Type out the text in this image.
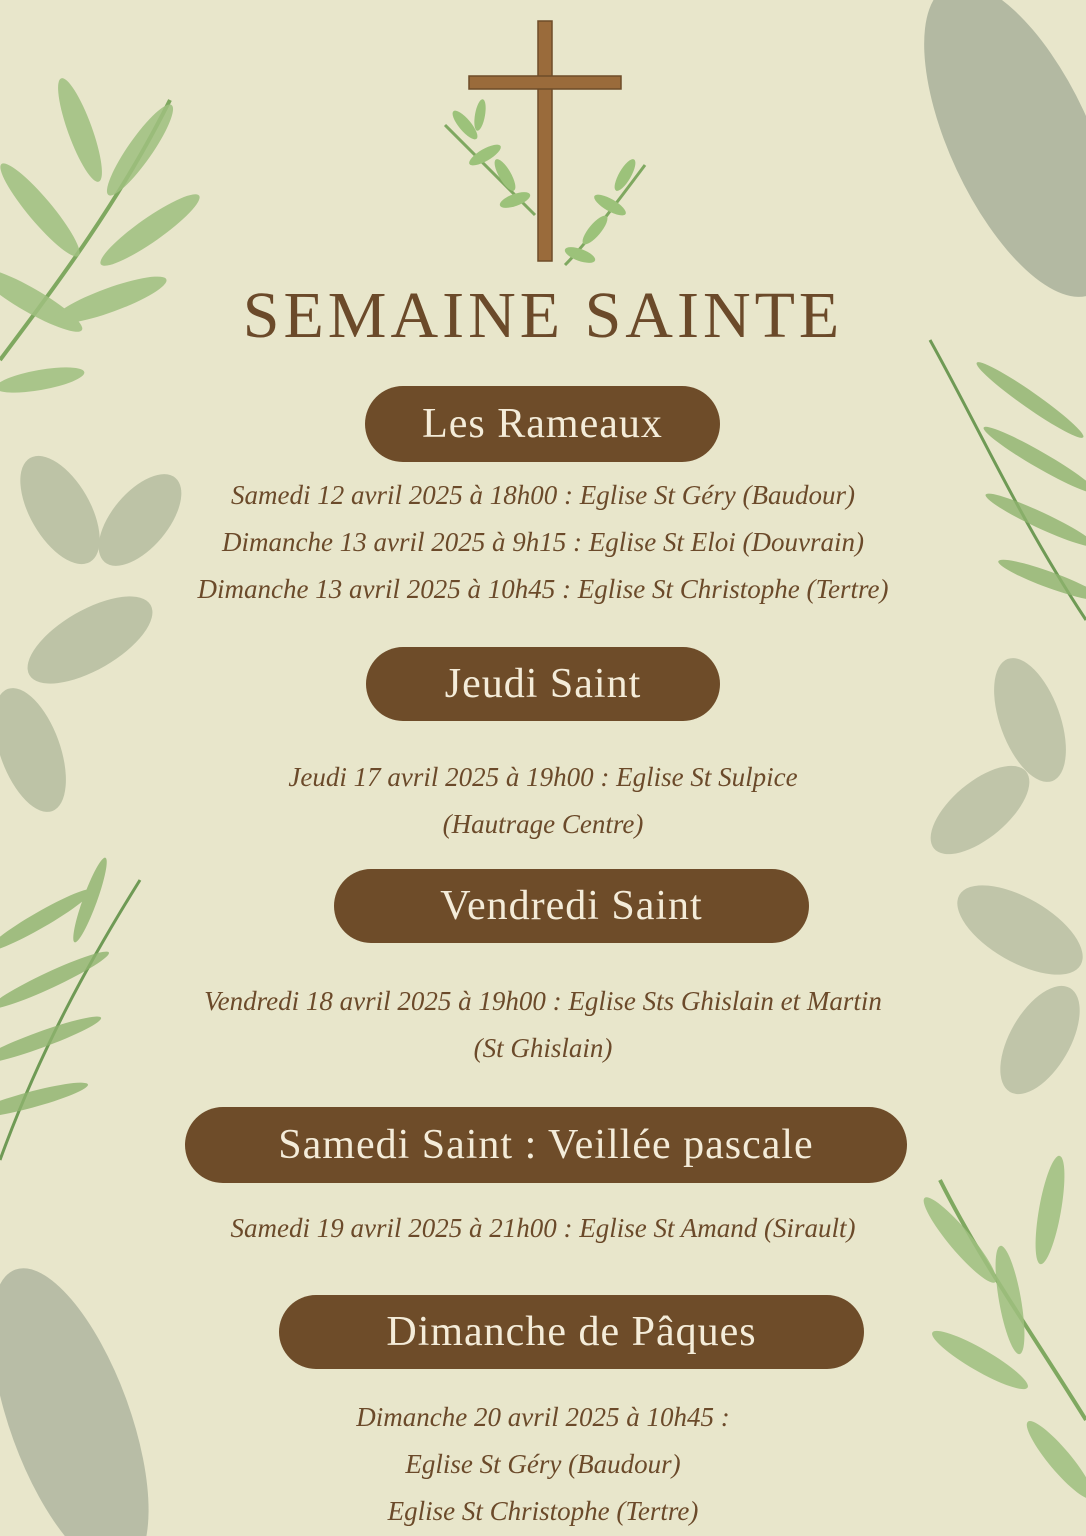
SEMAINE SAINTE
Les Rameaux
Samedi 12 avril 2025 à 18h00 : Eglise St Géry (Baudour)
Dimanche 13 avril 2025 à 9h15 : Eglise St Eloi (Douvrain)
Dimanche 13 avril 2025 à 10h45 : Eglise St Christophe (Tertre)
Jeudi Saint
Jeudi 17 avril 2025 à 19h00 : Eglise St Sulpice
(Hautrage Centre)
Vendredi Saint
Vendredi 18 avril 2025 à 19h00 : Eglise Sts Ghislain et Martin
(St Ghislain)
Samedi Saint : Veillée pascale
Samedi 19 avril 2025 à 21h00 : Eglise St Amand (Sirault)
Dimanche de Pâques
Dimanche 20 avril 2025 à 10h45 :
Eglise St Géry (Baudour)
Eglise St Christophe (Tertre)
